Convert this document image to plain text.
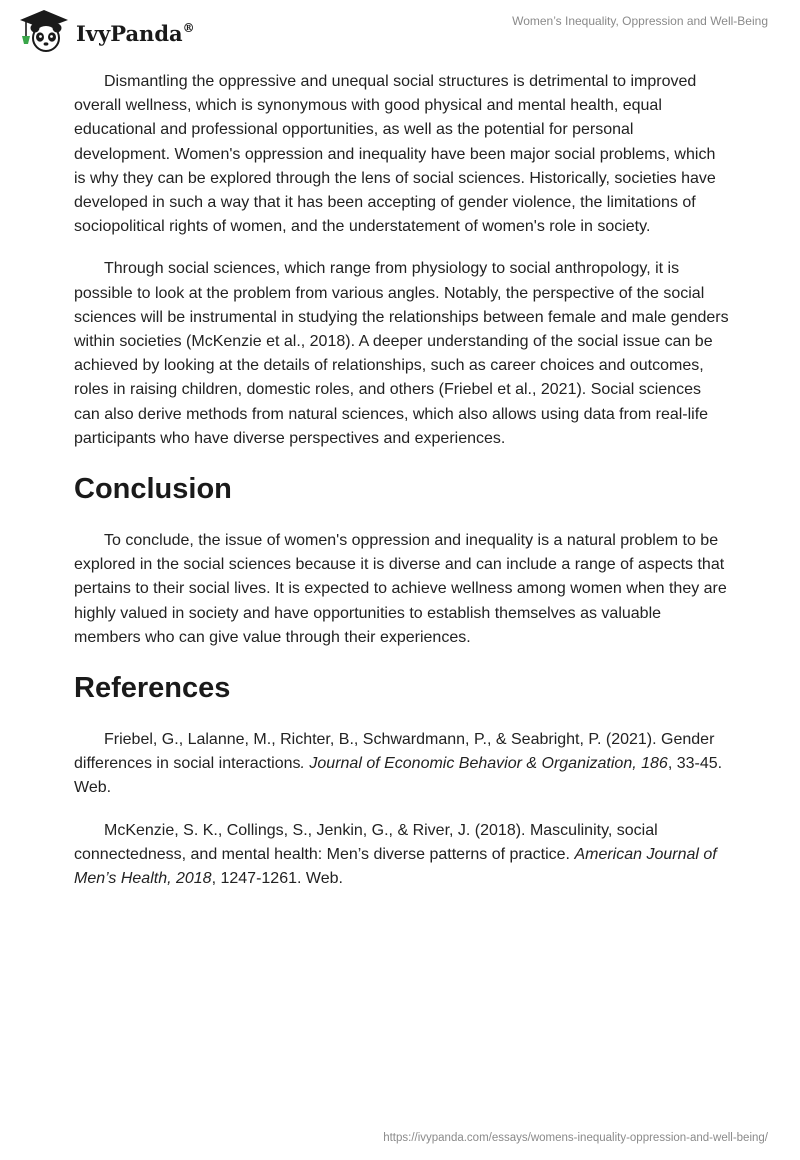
IvyPanda®	Women’s Inequality, Oppression and Well-Being

Dismantling the oppressive and unequal social structures is detrimental to improved overall wellness, which is synonymous with good physical and mental health, equal educational and professional opportunities, as well as the potential for personal development. Women's oppression and inequality have been major social problems, which is why they can be explored through the lens of social sciences. Historically, societies have developed in such a way that it has been accepting of gender violence, the limitations of sociopolitical rights of women, and the understatement of women's role in society.

Through social sciences, which range from physiology to social anthropology, it is possible to look at the problem from various angles. Notably, the perspective of the social sciences will be instrumental in studying the relationships between female and male genders within societies (McKenzie et al., 2018). A deeper understanding of the social issue can be achieved by looking at the details of relationships, such as career choices and outcomes, roles in raising children, domestic roles, and others (Friebel et al., 2021). Social sciences can also derive methods from natural sciences, which also allows using data from real-life participants who have diverse perspectives and experiences.

Conclusion

To conclude, the issue of women's oppression and inequality is a natural problem to be explored in the social sciences because it is diverse and can include a range of aspects that pertains to their social lives. It is expected to achieve wellness among women when they are highly valued in society and have opportunities to establish themselves as valuable members who can give value through their experiences.

References

Friebel, G., Lalanne, M., Richter, B., Schwardmann, P., & Seabright, P. (2021). Gender differences in social interactions. Journal of Economic Behavior & Organization, 186, 33-45. Web.

McKenzie, S. K., Collings, S., Jenkin, G., & River, J. (2018). Masculinity, social connectedness, and mental health: Men’s diverse patterns of practice. American Journal of Men’s Health, 2018, 1247-1261. Web.

https://ivypanda.com/essays/womens-inequality-oppression-and-well-being/
